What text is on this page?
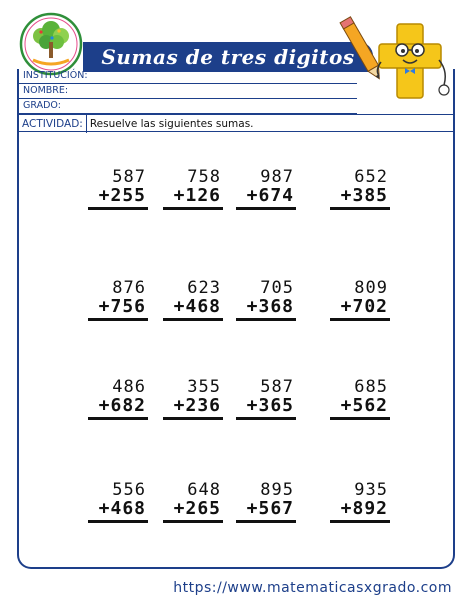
Sumas de tres digitos
INSTITUCIÓN:
NOMBRE:
GRADO:
ACTIVIDAD: Resuelve las siguientes sumas.
587
+255
758
+126
987
+674
652
+385
876
+756
623
+468
705
+368
809
+702
486
+682
355
+236
587
+365
685
+562
556
+468
648
+265
895
+567
935
+892
https://www.matematicasxgrado.com
